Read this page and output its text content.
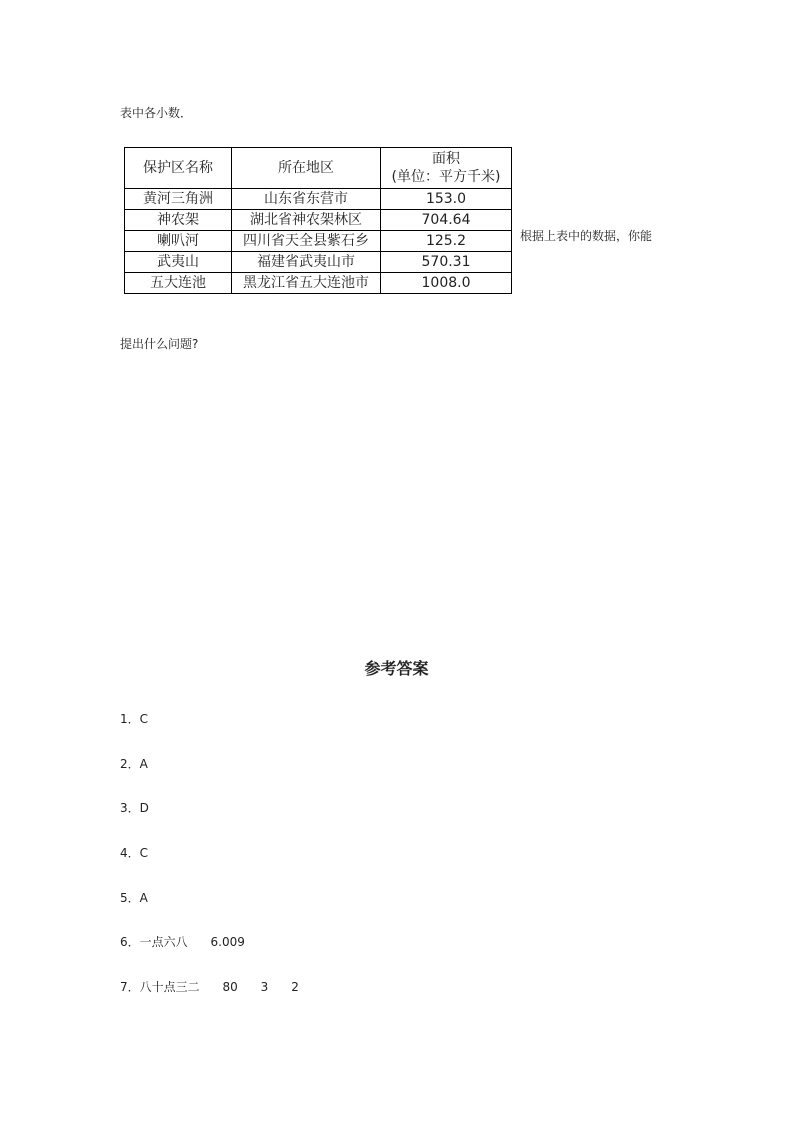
表中各小数．
保护区名称	所在地区	面积
(单位：平方千米)

黄河三角洲	山东省东营市	153.0
神农架	湖北省神农架林区	704.64
喇叭河	四川省天全县紫石乡	125.2
武夷山	福建省武夷山市	570.31
五大连池	黑龙江省五大连池市	1008.0
根据上表中的数据，你能
提出什么问题?
参考答案
1．C
2．A
3．D
4．C
5．A
6．一点六八      6.009
7．八十点三二      80      3      2
